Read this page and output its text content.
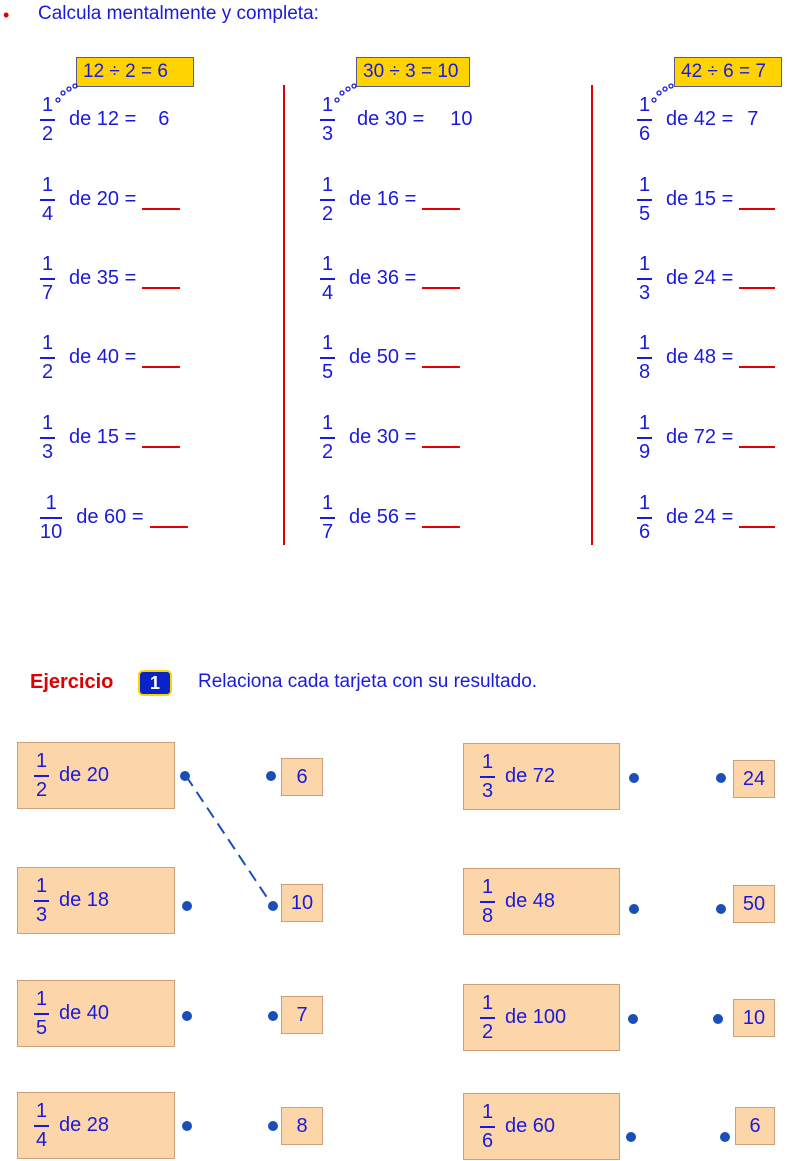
• Calcula mentalmente y completa:
12 ÷ 2 = 6	30 ÷ 3 = 10	42 ÷ 6 = 7
$\frac{1}{2}$ de 12 = 6
$\frac{1}{4}$ de 20 =
$\frac{1}{7}$ de 35 =
$\frac{1}{2}$ de 40 =
$\frac{1}{3}$ de 15 =
$\frac{1}{10}$ de 60 =
$\frac{1}{3}$ de 30 = 10
$\frac{1}{2}$ de 16 =
$\frac{1}{4}$ de 36 =
$\frac{1}{5}$ de 50 =
$\frac{1}{2}$ de 30 =
$\frac{1}{7}$ de 56 =
$\frac{1}{6}$ de 42 = 7
$\frac{1}{5}$ de 15 =
$\frac{1}{3}$ de 24 =
$\frac{1}{8}$ de 48 =
$\frac{1}{9}$ de 72 =
$\frac{1}{6}$ de 24 =
Ejercicio	1	Relaciona cada tarjeta con su resultado.
$\frac{1}{2}$ de 20
$\frac{1}{3}$ de 18
$\frac{1}{5}$ de 40
$\frac{1}{4}$ de 28
6
10
7
8
$\frac{1}{3}$ de 72
$\frac{1}{8}$ de 48
$\frac{1}{2}$ de 100
$\frac{1}{6}$ de 60
24
50
10
6
